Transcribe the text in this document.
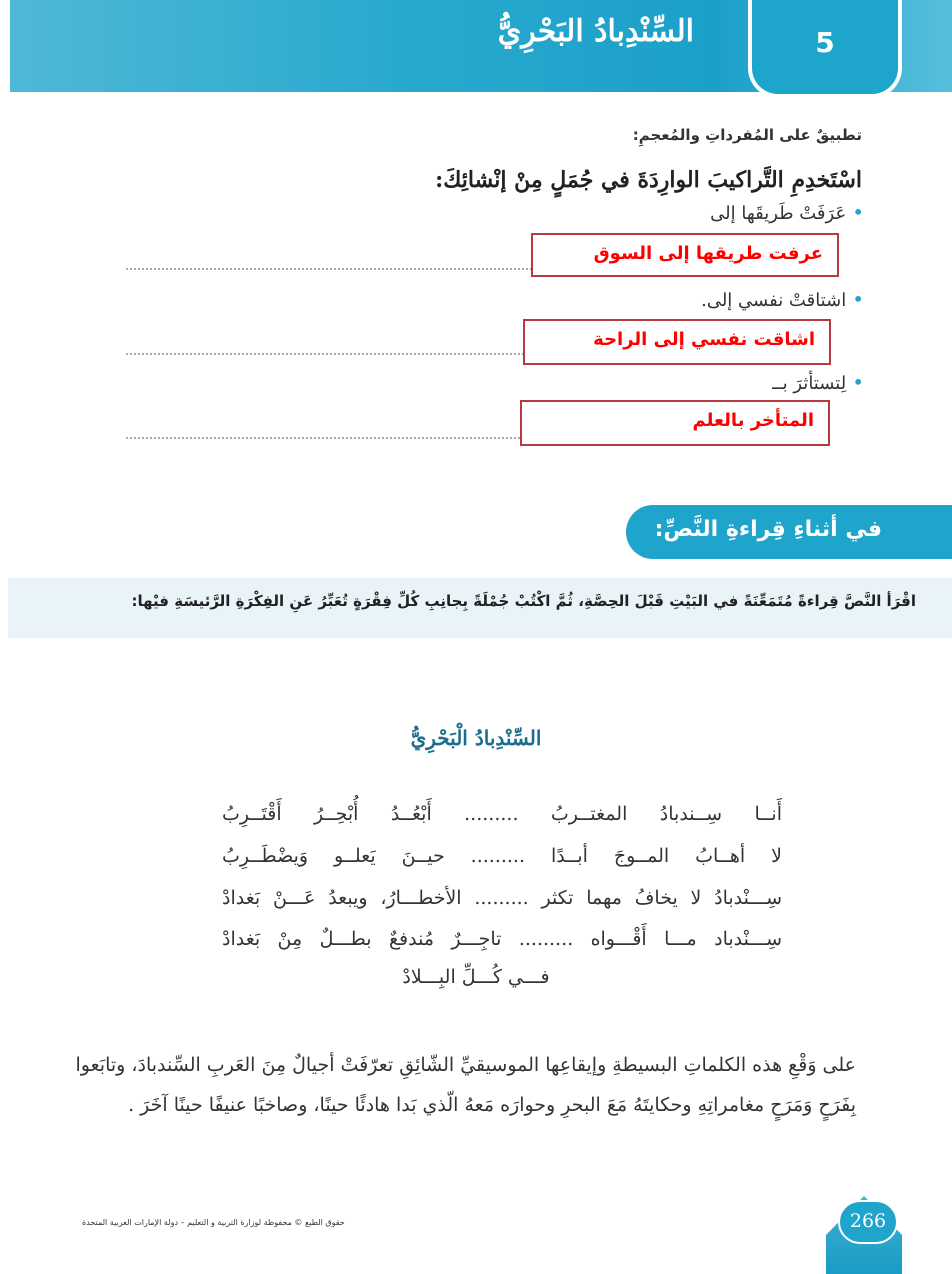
السِّنْدِبادُ البَحْرِيُّ	5
تطبيقٌ على المُفرداتِ والمُعجمِ:
اسْتَخدِمِ التَّراكيبَ الوارِدَةَ في جُمَلٍ مِنْ إنْشائِكَ:
•عَرَفَتْ طَريقَها إلى
عرفت طريقها إلى السوق
•اشتاقتْ نفسي إلى.
اشاقت نفسي إلى الراحة
•لِتستأثرَ بــ
المتأخر بالعلم
في أثناءِ قِراءةِ النَّصِّ:
اقْرَأ النَّصَّ قِراءةً مُتَمَعِّنَةً في البَيْتِ قَبْلَ الحِصَّةِ، ثُمَّ اكْتُبْ جُمْلَةً بِجانِبِ كُلِّ فِقْرَةٍ تُعَبِّرُ عَنِ الفِكْرَةِ الرَّئيسَةِ فيْها:
السِّنْدِبادُ الْبَحْرِيُّ
أَنــا سِــندبادُ المغتــربُ ......... أَبْعُــدُ أُبْحِــرُ أَقْتَــرِبُ
لا أهــابُ المــوجَ أبــدًا ......... حيــنَ يَعلــو وَيضْطَــرِبُ
سِـــنْدبادُ لا يخافُ مهما تكثر ......... الأخطـــارُ، ويبعدُ عَـــنْ بَغدادْ
سِـــنْدباد مـــا أَقْـــواه ......... تاجِـــرٌ مُندفعٌ بطـــلٌ مِنْ بَغدادْ
فـــي كُـــلِّ البِـــلادْ
على وَقْعِ هذه الكلماتِ البسيطةِ وإيقاعِها الموسيقيِّ الشّائِقِ تعرّفَتْ أجيالٌ مِنَ العَربِ السِّندبادَ، وتابَعوا
بِفَرَحٍ وَمَرَحٍ مغامراتِهِ وحكايتَهُ مَعَ البحرِ وحوارَه مَعهُ الّذي بَدا هادئًا حينًا، وصاخبًا عنيفًا حينًا آخَرَ .
حقوق الطبع © محفوظة لوزارة التربية و التعليم – دولة الإمارات العربية المتحدة	266
